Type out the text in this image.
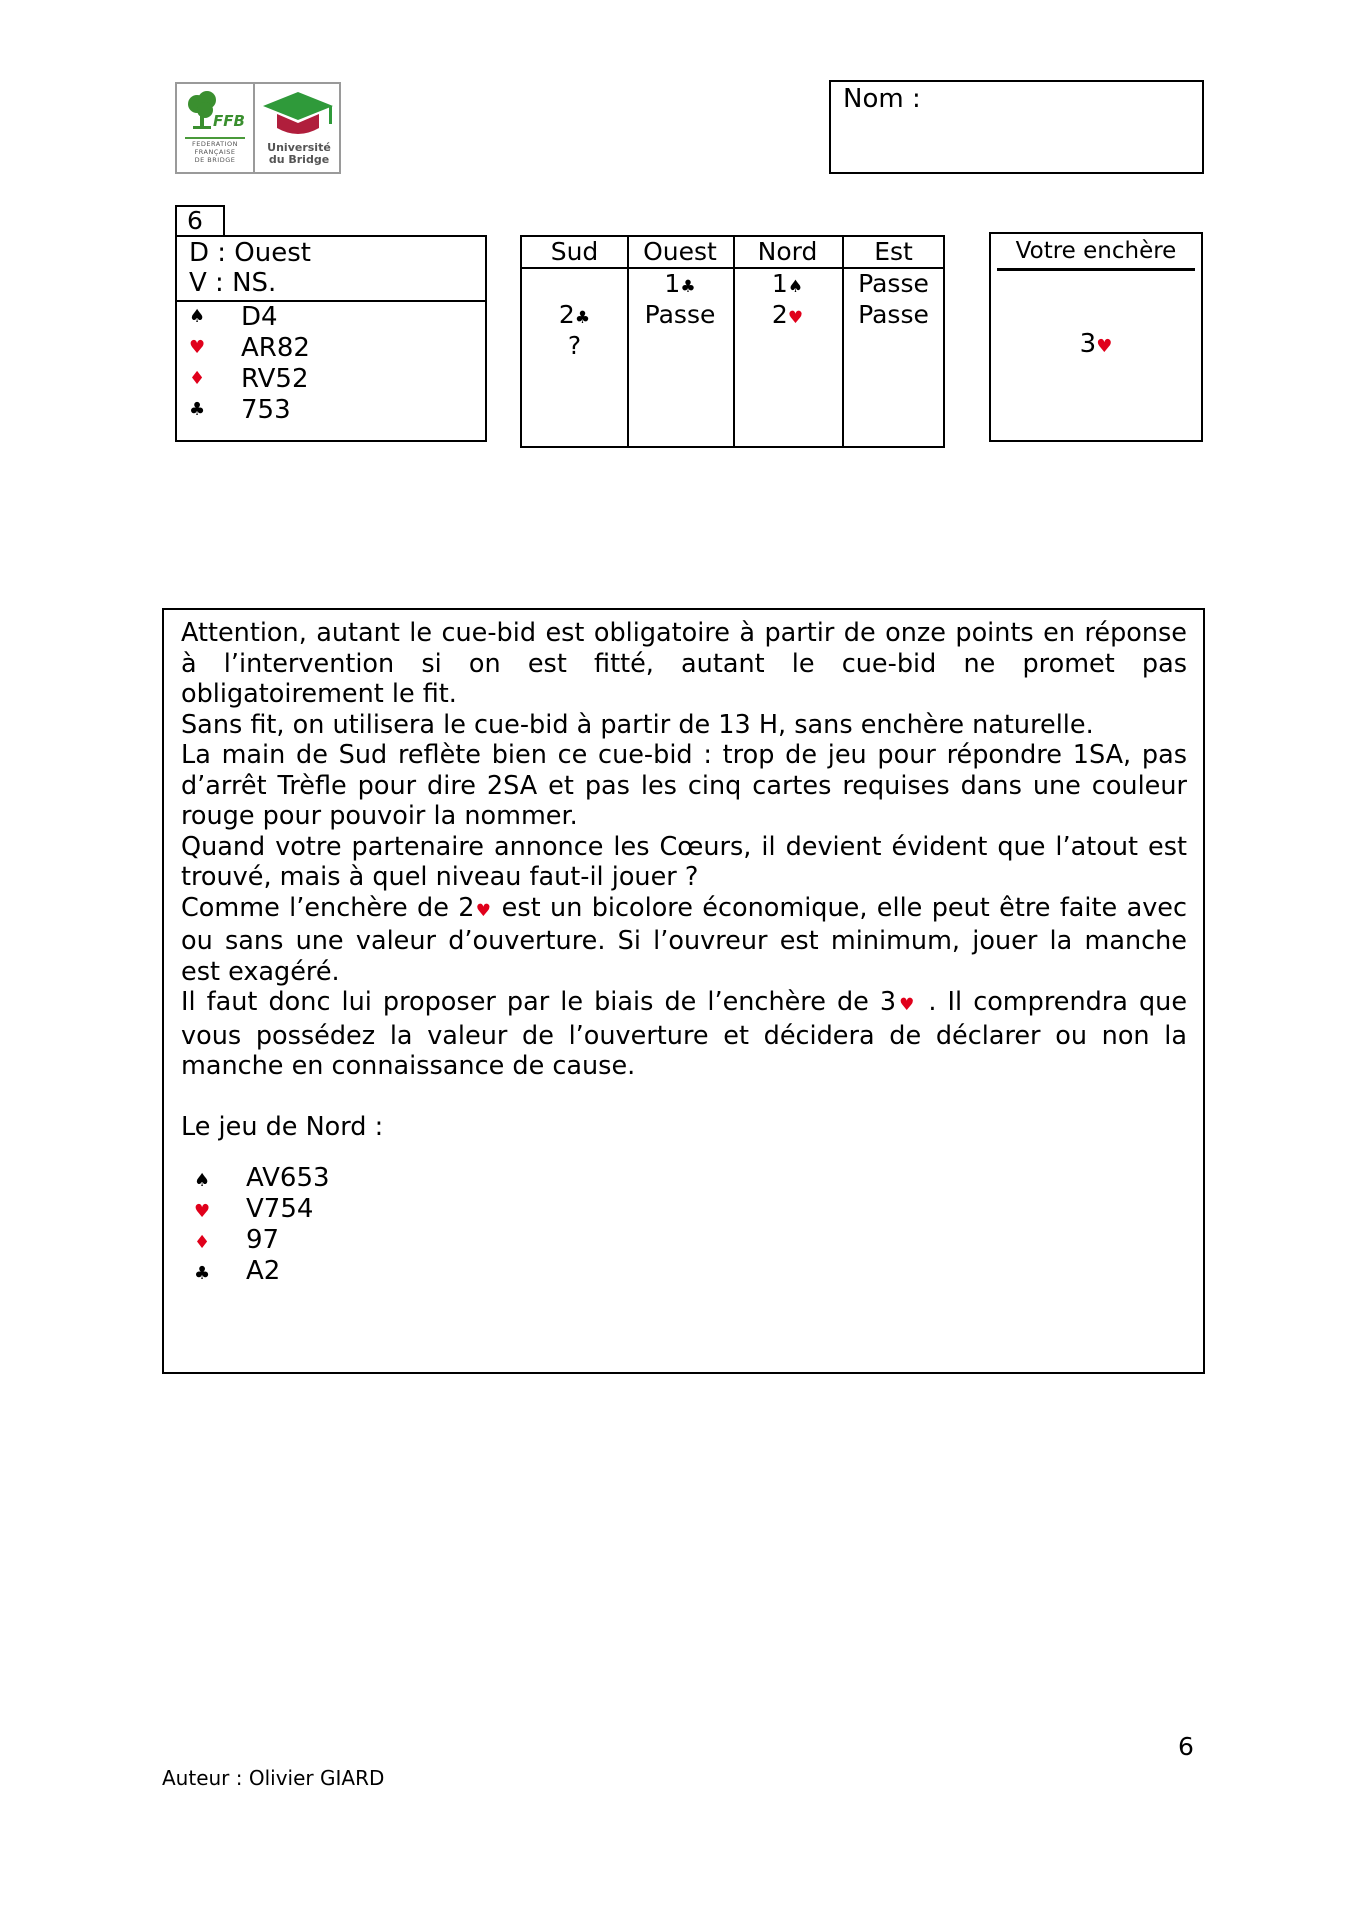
FFB
FEDERATION
FRANÇAISE
DE BRIDGE
Université
du Bridge
Nom :
6
D : Ouest
V : NS.
♠ D4
♥ AR82
♦ RV52
♣ 753
Sud
2♣
?
Ouest
1♣
Passe
Nord
1♠
2♥
Est
Passe
Passe
Votre enchère
3♥

Attention, autant le cue-bid est obligatoire à partir de onze points en réponse à l’intervention si on est fitté, autant le cue-bid ne promet pas obligatoirement le fit.

Sans fit, on utilisera le cue-bid à partir de 13 H, sans enchère naturelle.

La main de Sud reflète bien ce cue-bid : trop de jeu pour répondre 1SA, pas d’arrêt Trèfle pour dire 2SA et pas les cinq cartes requises dans une couleur rouge pour pouvoir la nommer.

Quand votre partenaire annonce les Cœurs, il devient évident que l’atout est trouvé, mais à quel niveau faut-il jouer ?

Comme l’enchère de 2♥ est un bicolore économique, elle peut être faite avec ou sans une valeur d’ouverture. Si l’ouvreur est minimum, jouer la manche est exagéré.

Il faut donc lui proposer par le biais de l’enchère de 3♥ . Il comprendra que vous possédez la valeur de l’ouverture et décidera de déclarer ou non la manche en connaissance de cause.

Le jeu de Nord :

♠ AV653
♥ V754
♦ 97
♣ A2
6
Auteur : Olivier GIARD
